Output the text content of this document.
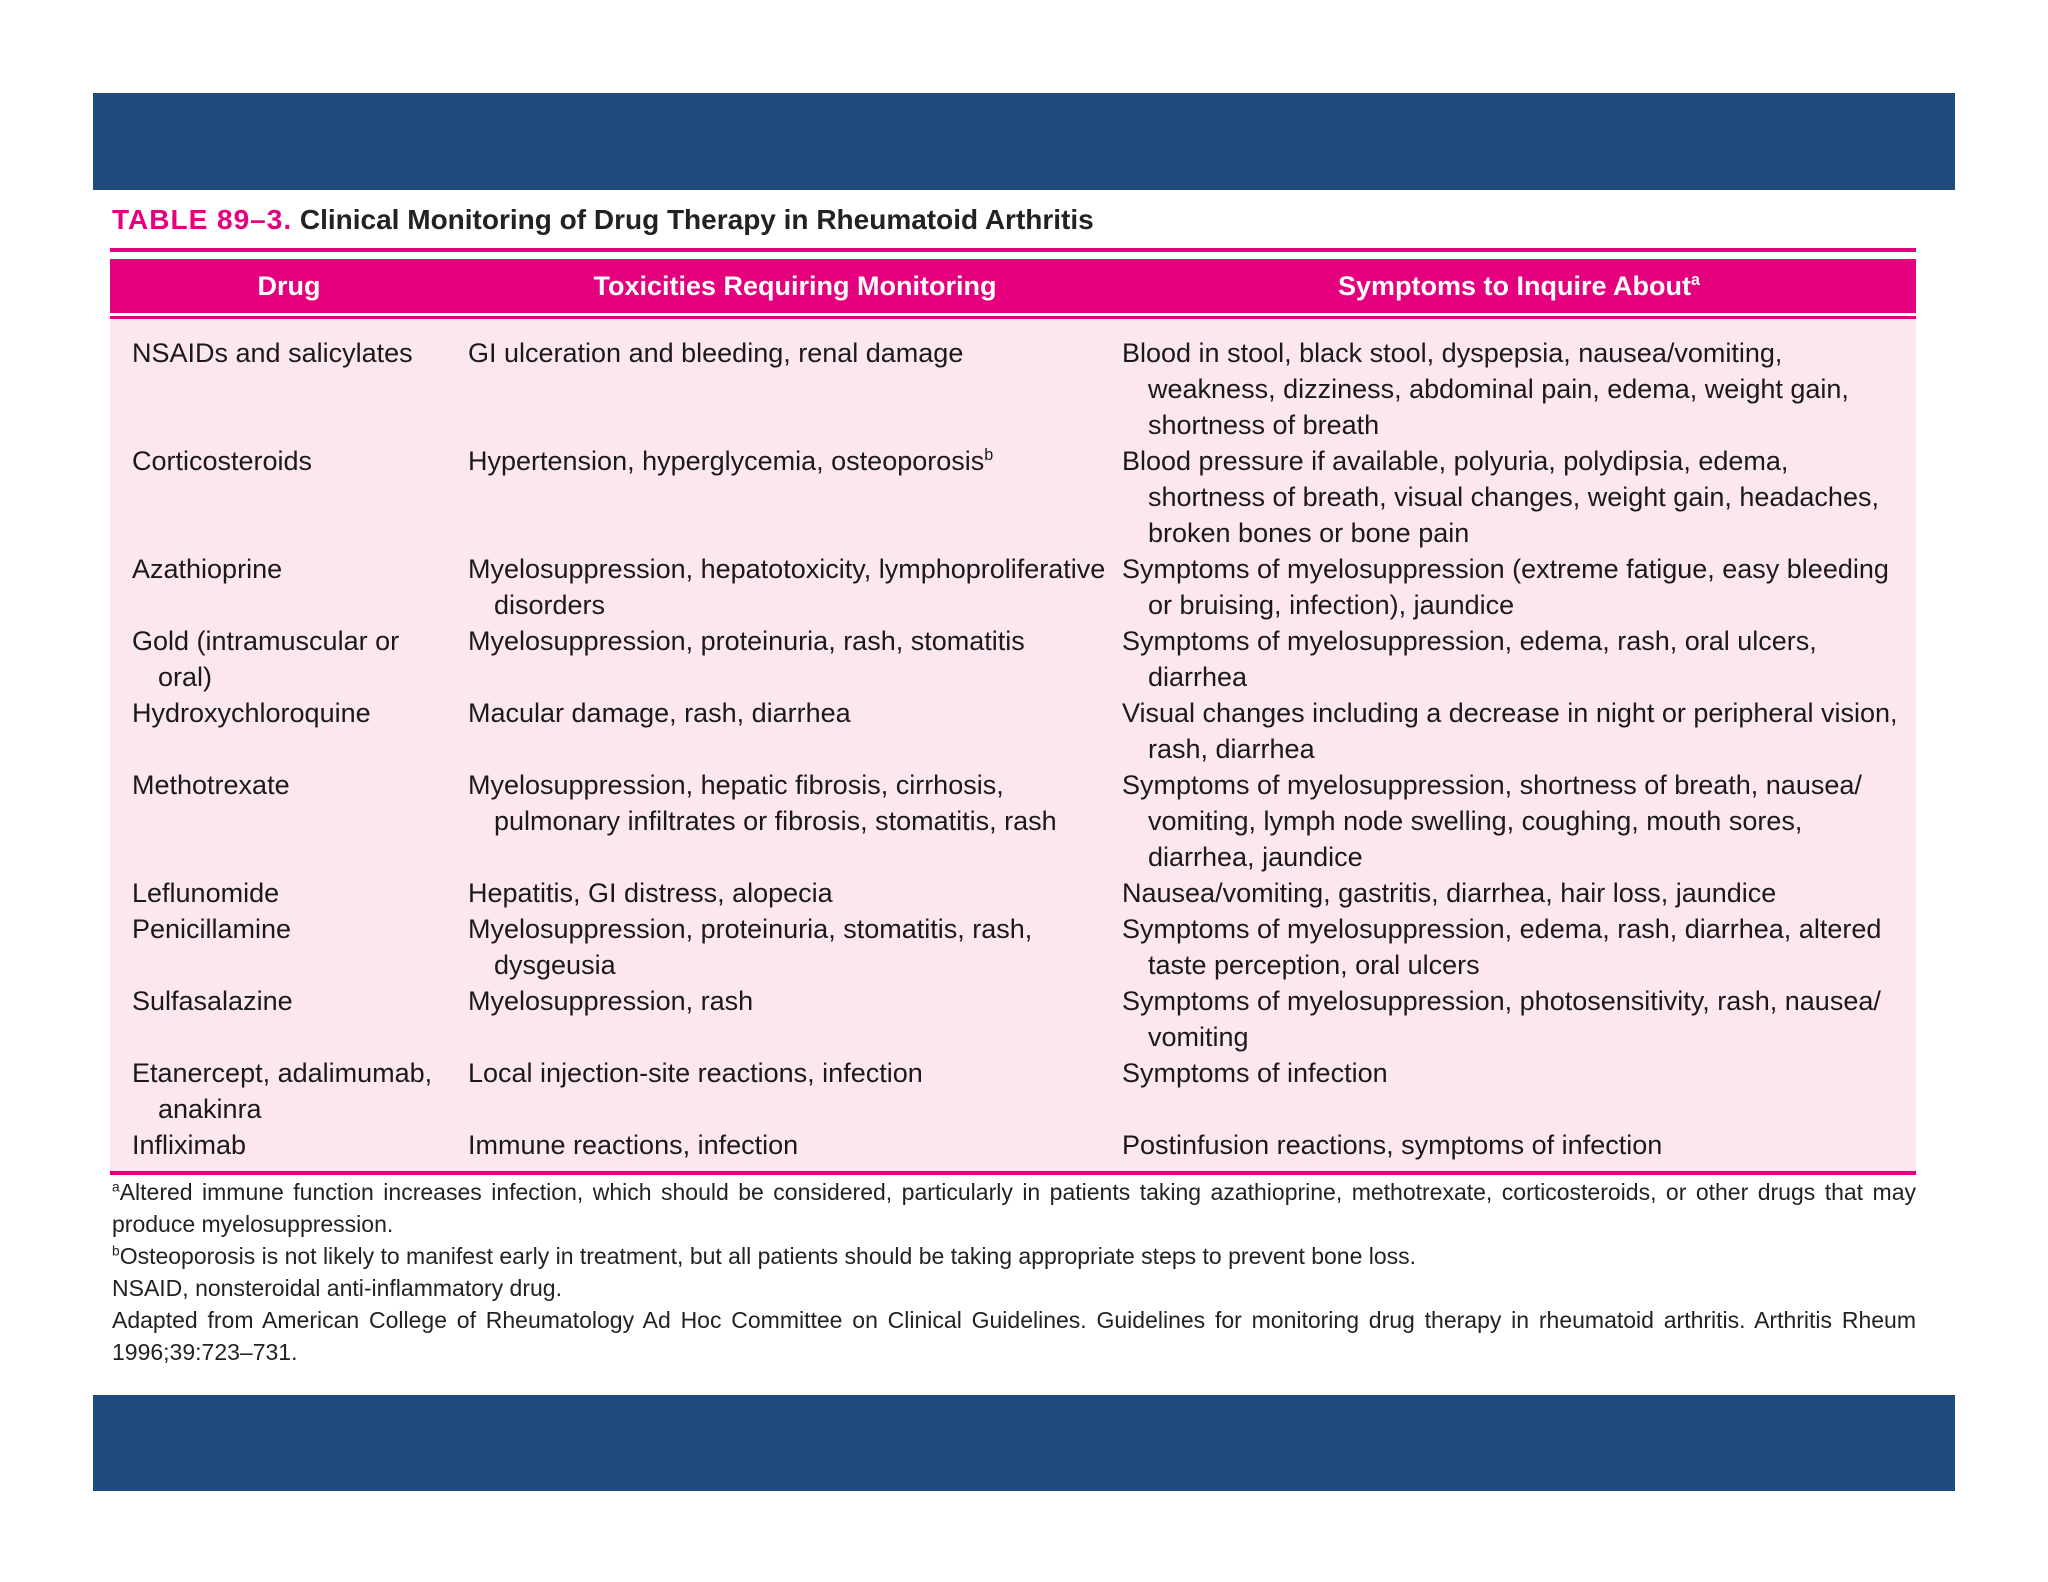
TABLE 89–3. Clinical Monitoring of Drug Therapy in Rheumatoid Arthritis

Drug	Toxicities Requiring Monitoring	Symptoms to Inquire About$^a$

NSAIDs and salicylates	GI ulceration and bleeding, renal damage	Blood in stool, black stool, dyspepsia, nausea/vomiting, weakness, dizziness, abdominal pain, edema, weight gain, shortness of breath

Corticosteroids	Hypertension, hyperglycemia, osteoporosis$^b$	Blood pressure if available, polyuria, polydipsia, edema, shortness of breath, visual changes, weight gain, headaches, broken bones or bone pain

Azathioprine	Myelosuppression, hepatotoxicity, lymphoproliferative disorders	Symptoms of myelosuppression (extreme fatigue, easy bleeding or bruising, infection), jaundice

Gold (intramuscular or oral)	Myelosuppression, proteinuria, rash, stomatitis	Symptoms of myelosuppression, edema, rash, oral ulcers, diarrhea

Hydroxychloroquine	Macular damage, rash, diarrhea	Visual changes including a decrease in night or peripheral vision, rash, diarrhea

Methotrexate	Myelosuppression, hepatic fibrosis, cirrhosis, pulmonary infiltrates or fibrosis, stomatitis, rash	Symptoms of myelosuppression, shortness of breath, nausea/ vomiting, lymph node swelling, coughing, mouth sores, diarrhea, jaundice

Leflunomide	Hepatitis, GI distress, alopecia	Nausea/vomiting, gastritis, diarrhea, hair loss, jaundice

Penicillamine	Myelosuppression, proteinuria, stomatitis, rash, dysgeusia	Symptoms of myelosuppression, edema, rash, diarrhea, altered taste perception, oral ulcers

Sulfasalazine	Myelosuppression, rash	Symptoms of myelosuppression, photosensitivity, rash, nausea/ vomiting

Etanercept, adalimumab, anakinra	Local injection-site reactions, infection	Symptoms of infection

Infliximab	Immune reactions, infection	Postinfusion reactions, symptoms of infection

$^a$Altered immune function increases infection, which should be considered, particularly in patients taking azathioprine, methotrexate, corticosteroids, or other drugs that may produce myelosuppression.

$^b$Osteoporosis is not likely to manifest early in treatment, but all patients should be taking appropriate steps to prevent bone loss.

NSAID, nonsteroidal anti-inflammatory drug.

Adapted from American College of Rheumatology Ad Hoc Committee on Clinical Guidelines. Guidelines for monitoring drug therapy in rheumatoid arthritis. Arthritis Rheum 1996;39:723–731.
